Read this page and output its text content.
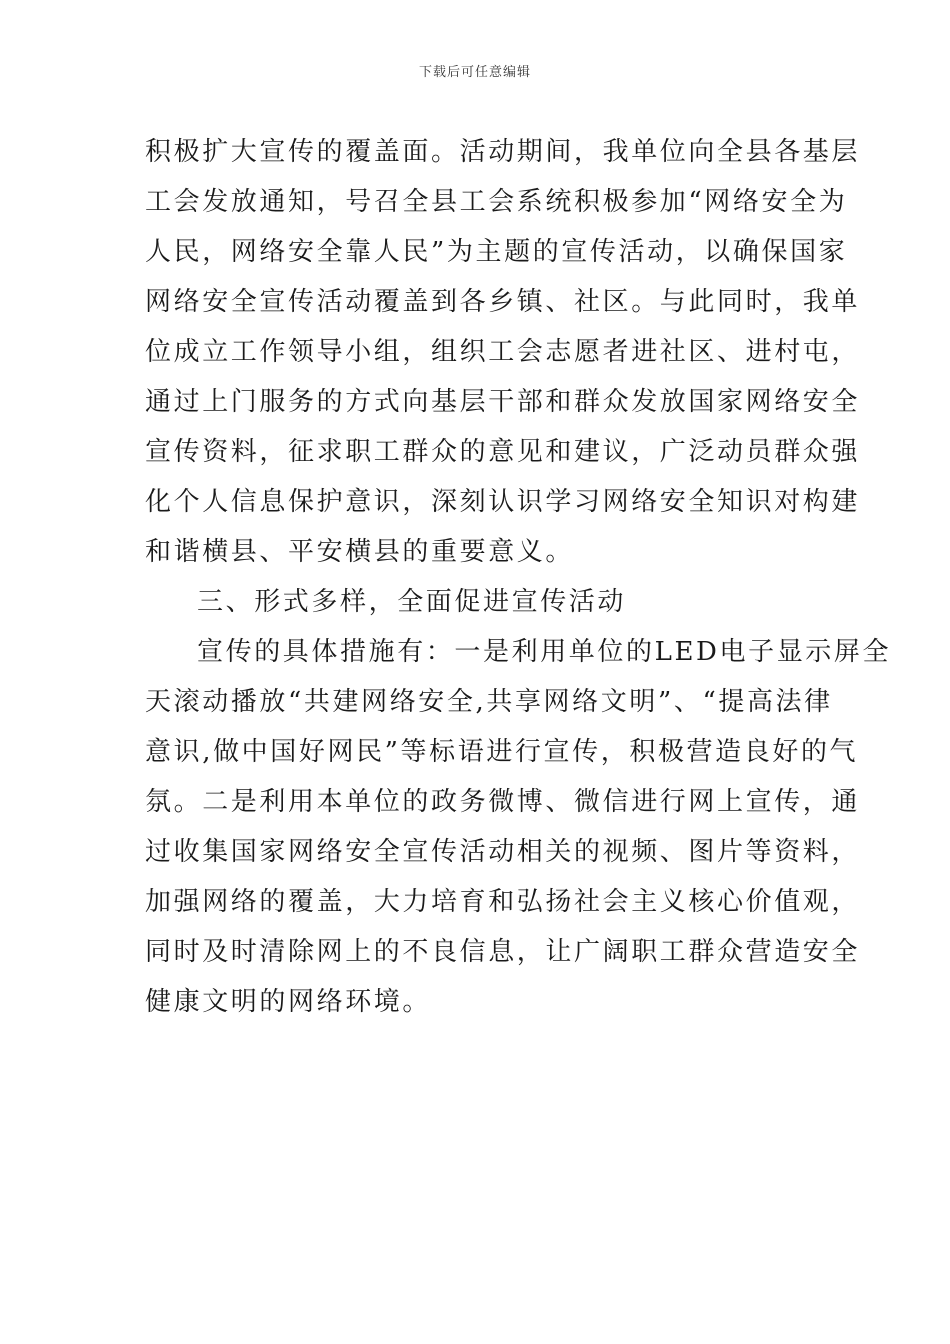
下载后可任意编辑
积极扩大宣传的覆盖面。活动期间，我单位向全县各基层
工会发放通知，号召全县工会系统积极参加“网络安全为
人民，网络安全靠人民”为主题的宣传活动，以确保国家
网络安全宣传活动覆盖到各乡镇、社区。与此同时，我单
位成立工作领导小组，组织工会志愿者进社区、进村屯，
通过上门服务的方式向基层干部和群众发放国家网络安全
宣传资料，征求职工群众的意见和建议，广泛动员群众强
化个人信息保护意识，深刻认识学习网络安全知识对构建
和谐横县、平安横县的重要意义。
三、形式多样，全面促进宣传活动
宣传的具体措施有：一是利用单位的LED电子显示屏全
天滚动播放“共建网络安全,共享网络文明”、“提高法律
意识,做中国好网民”等标语进行宣传，积极营造良好的气
氛。二是利用本单位的政务微博、微信进行网上宣传，通
过收集国家网络安全宣传活动相关的视频、图片等资料，
加强网络的覆盖，大力培育和弘扬社会主义核心价值观，
同时及时清除网上的不良信息，让广阔职工群众营造安全
健康文明的网络环境。
